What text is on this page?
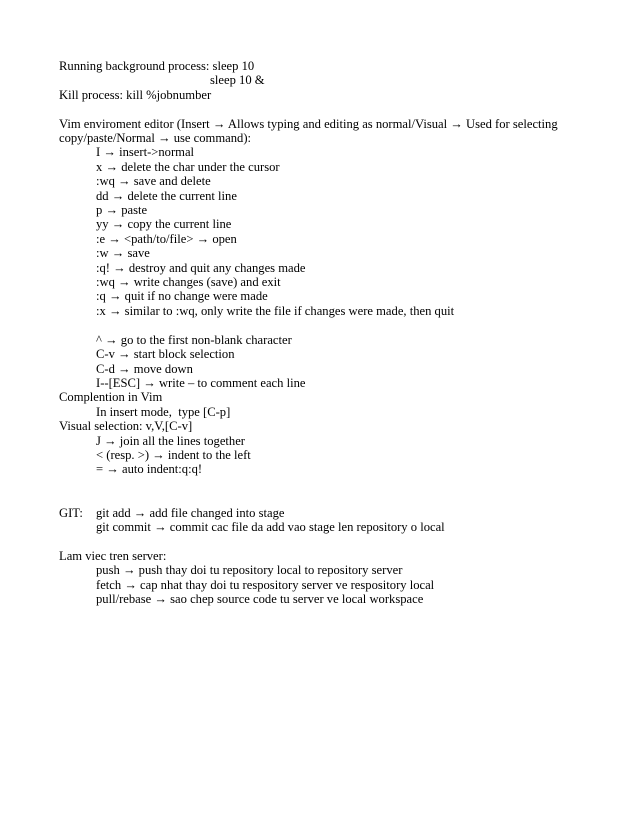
Running background process: sleep 10
sleep 10 &
Kill process: kill %jobnumber
Vim enviroment editor (Insert → Allows typing and editing as normal/Visual → Used for selecting copy/paste/Normal → use command):
I → insert->normal
x → delete the char under the cursor
:wq → save and delete
dd → delete the current line
p → paste
yy → copy the current line
:e → <path/to/file> → open
:w → save
:q! → destroy and quit any changes made
:wq → write changes (save) and exit
:q → quit if no change were made
:x → similar to :wq, only write the file if changes were made, then quit
^ → go to the first non-blank character
C-v → start block selection
C-d → move down
I--[ESC] → write – to comment each line
Complention in Vim
In insert mode,  type [C-p]
Visual selection: v,V,[C-v]
J → join all the lines together
< (resp. >) → indent to the left
= → auto indent:q:q!
GIT:	git add → add file changed into stage
git commit → commit cac file da add vao stage len repository o local
Lam viec tren server:
push → push thay doi tu repository local to repository server
fetch → cap nhat thay doi tu respository server ve respository local
pull/rebase → sao chep source code tu server ve local workspace
